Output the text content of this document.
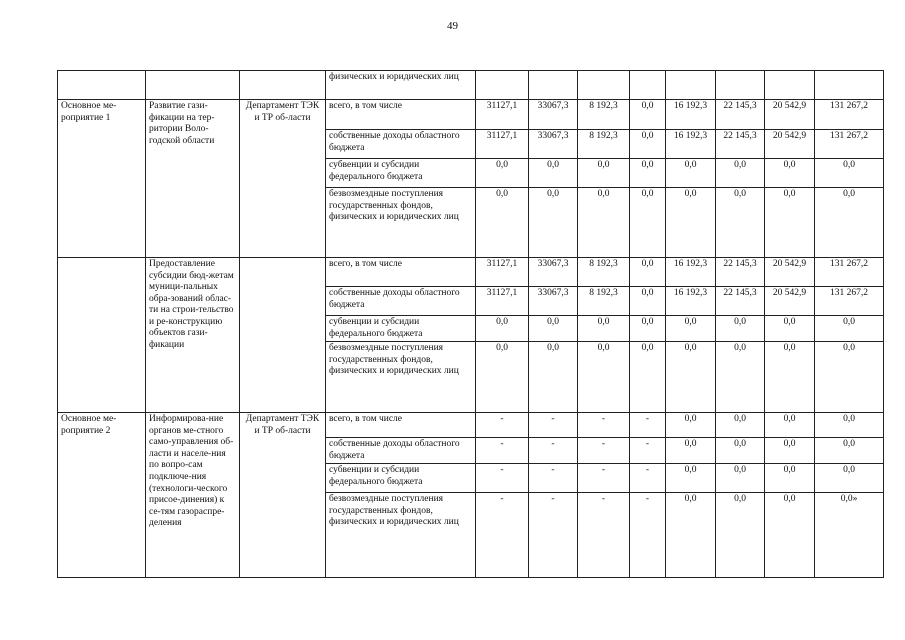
49
			физических и юридических лиц								
Основное ме-роприятие 1	Развитие гази-фикации на тер-ритории Воло-годской области	Департамент ТЭК и ТР об-ласти	всего, в том числе	31127,1	33067,3	8 192,3	0,0	16 192,3	22 145,3	20 542,9	131 267,2
			собственные доходы областного бюджета	31127,1	33067,3	8 192,3	0,0	16 192,3	22 145,3	20 542,9	131 267,2
			субвенции и субсидии федерального бюджета	0,0	0,0	0,0	0,0	0,0	0,0	0,0	0,0
			безвозмездные поступления государственных фондов, физических и юридических лиц	0,0	0,0	0,0	0,0	0,0	0,0	0,0	0,0
	Предоставление субсидии бюд-жетам муници-пальных обра-зований облас-ти на строи-тельство и ре-конструкцию объектов гази-фикации		всего, в том числе	31127,1	33067,3	8 192,3	0,0	16 192,3	22 145,3	20 542,9	131 267,2
			собственные доходы областного бюджета	31127,1	33067,3	8 192,3	0,0	16 192,3	22 145,3	20 542,9	131 267,2
			субвенции и субсидии федерального бюджета	0,0	0,0	0,0	0,0	0,0	0,0	0,0	0,0
			безвозмездные поступления государственных фондов, физических и юридических лиц	0,0	0,0	0,0	0,0	0,0	0,0	0,0	0,0
Основное ме-роприятие 2	Информирова-ние органов ме-стного само-управления об-ласти и населе-ния по вопро-сам подключе-ния (технологи-ческого присое-динения) к се-тям газораспре-деления	Департамент ТЭК и ТР об-ласти	всего, в том числе	-	-	-	-	0,0	0,0	0,0	0,0
			собственные доходы областного бюджета	-	-	-	-	0,0	0,0	0,0	0,0
			субвенции и субсидии федерального бюджета	-	-	-	-	0,0	0,0	0,0	0,0
			безвозмездные поступления государственных фондов, физических и юридических лиц	-	-	-	-	0,0	0,0	0,0	0,0»
